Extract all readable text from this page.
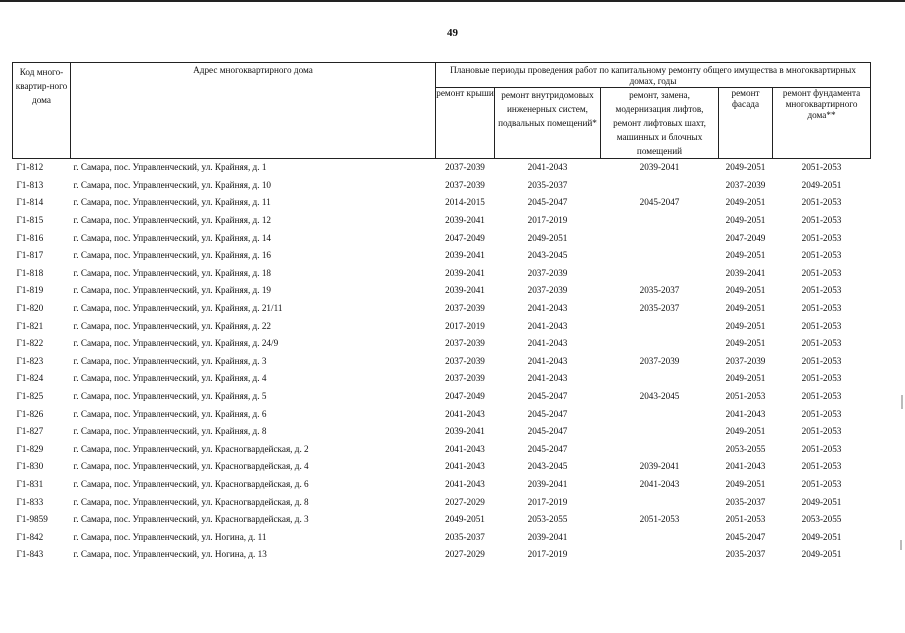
49
Код много-квартир-ного дома	Адрес многоквартирного дома	Плановые периоды проведения работ по капитальному ремонту общего имущества в многоквартирных домах, годы				
		ремонт крыши	ремонт внутридомовых инженерных систем, подвальных помещений*	ремонт, замена, модернизация лифтов, ремонт лифтовых шахт, машинных и блочных помещений	ремонт фасада	ремонт фундамента многоквартирного дома**
Г1-812	г. Самара, пос. Управленческий, ул. Крайняя, д. 1	2037-2039	2041-2043	2039-2041	2049-2051	2051-2053
Г1-813	г. Самара, пос. Управленческий, ул. Крайняя, д. 10	2037-2039	2035-2037		2037-2039	2049-2051
Г1-814	г. Самара, пос. Управленческий, ул. Крайняя, д. 11	2014-2015	2045-2047	2045-2047	2049-2051	2051-2053
Г1-815	г. Самара, пос. Управленческий, ул. Крайняя, д. 12	2039-2041	2017-2019		2049-2051	2051-2053
Г1-816	г. Самара, пос. Управленческий, ул. Крайняя, д. 14	2047-2049	2049-2051		2047-2049	2051-2053
Г1-817	г. Самара, пос. Управленческий, ул. Крайняя, д. 16	2039-2041	2043-2045		2049-2051	2051-2053
Г1-818	г. Самара, пос. Управленческий, ул. Крайняя, д. 18	2039-2041	2037-2039		2039-2041	2051-2053
Г1-819	г. Самара, пос. Управленческий, ул. Крайняя, д. 19	2039-2041	2037-2039	2035-2037	2049-2051	2051-2053
Г1-820	г. Самара, пос. Управленческий, ул. Крайняя, д. 21/11	2037-2039	2041-2043	2035-2037	2049-2051	2051-2053
Г1-821	г. Самара, пос. Управленческий, ул. Крайняя, д. 22	2017-2019	2041-2043		2049-2051	2051-2053
Г1-822	г. Самара, пос. Управленческий, ул. Крайняя, д. 24/9	2037-2039	2041-2043		2049-2051	2051-2053
Г1-823	г. Самара, пос. Управленческий, ул. Крайняя, д. 3	2037-2039	2041-2043	2037-2039	2037-2039	2051-2053
Г1-824	г. Самара, пос. Управленческий, ул. Крайняя, д. 4	2037-2039	2041-2043		2049-2051	2051-2053
Г1-825	г. Самара, пос. Управленческий, ул. Крайняя, д. 5	2047-2049	2045-2047	2043-2045	2051-2053	2051-2053
Г1-826	г. Самара, пос. Управленческий, ул. Крайняя, д. 6	2041-2043	2045-2047		2041-2043	2051-2053
Г1-827	г. Самара, пос. Управленческий, ул. Крайняя, д. 8	2039-2041	2045-2047		2049-2051	2051-2053
Г1-829	г. Самара, пос. Управленческий, ул. Красногвардейская, д. 2	2041-2043	2045-2047		2053-2055	2051-2053
Г1-830	г. Самара, пос. Управленческий, ул. Красногвардейская, д. 4	2041-2043	2043-2045	2039-2041	2041-2043	2051-2053
Г1-831	г. Самара, пос. Управленческий, ул. Красногвардейская, д. 6	2041-2043	2039-2041	2041-2043	2049-2051	2051-2053
Г1-833	г. Самара, пос. Управленческий, ул. Красногвардейская, д. 8	2027-2029	2017-2019		2035-2037	2049-2051
Г1-9859	г. Самара, пос. Управленческий, ул. Красногвардейская, д. 3	2049-2051	2053-2055	2051-2053	2051-2053	2053-2055
Г1-842	г. Самара, пос. Управленческий, ул. Ногина, д. 11	2035-2037	2039-2041		2045-2047	2049-2051
Г1-843	г. Самара, пос. Управленческий, ул. Ногина, д. 13	2027-2029	2017-2019		2035-2037	2049-2051
